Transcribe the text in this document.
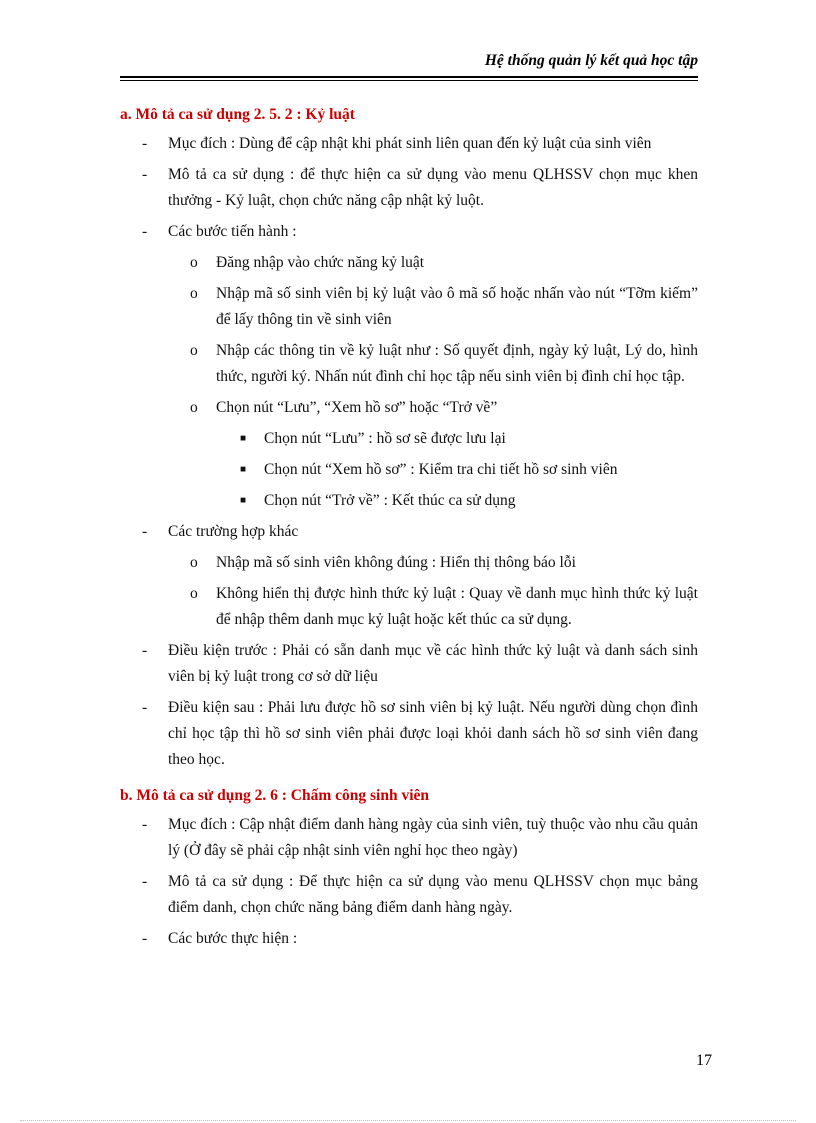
Hệ thống quản lý kết quả học tập
a. Mô tả ca sử dụng 2. 5. 2 : Kỷ luật
- Mục đích : Dùng để cập nhật khi phát sinh liên quan đến kỷ luật của sinh viên
- Mô tả ca sử dụng : để thực hiện ca sử dụng vào menu QLHSSV chọn mục khen thưởng - Kỷ luật, chọn chức năng cập nhật kỷ luột.
- Các bước tiến hành :
o Đăng nhập vào chức năng kỷ luật
o Nhập mã số sinh viên bị kỷ luật vào ô mã số hoặc nhấn vào nút “Tỡm kiếm” để lấy thông tin về sinh viên
o Nhập các thông tin về kỷ luật như : Số quyết định, ngày kỷ luật, Lý do, hình thức, người ký. Nhấn nút đình chỉ học tập nếu sinh viên bị đình chỉ học tập.
o Chọn nút “Lưu”, “Xem hồ sơ” hoặc “Trở về”
■ Chọn nút “Lưu” : hồ sơ sẽ được lưu lại
■ Chọn nút “Xem hồ sơ” : Kiểm tra chi tiết hồ sơ sinh viên
■ Chọn nút “Trở về” : Kết thúc ca sử dụng
- Các trường hợp khác
o Nhập mã số sinh viên không đúng : Hiển thị thông báo lỗi
o Không hiển thị được hình thức kỷ luật : Quay về danh mục hình thức kỷ luật để nhập thêm danh mục kỷ luật hoặc kết thúc ca sử dụng.
- Điều kiện trước : Phải có sẵn danh mục về các hình thức kỷ luật và danh sách sinh viên bị kỷ luật trong cơ sở dữ liệu
- Điều kiện sau : Phải lưu được hồ sơ sinh viên bị kỷ luật. Nếu người dùng chọn đình chỉ học tập thì hồ sơ sinh viên phải được loại khỏi danh sách hồ sơ sinh viên đang theo học.
b. Mô tả ca sử dụng 2. 6 : Chấm công sinh viên
- Mục đích : Cập nhật điểm danh hàng ngày của sinh viên, tuỳ thuộc vào nhu cầu quản lý (Ở đây sẽ phải cập nhật sinh viên nghỉ học theo ngày)
- Mô tả ca sử dụng : Để thực hiện ca sử dụng vào menu QLHSSV chọn mục bảng điểm danh, chọn chức năng bảng điểm danh hàng ngày.
- Các bước thực hiện :
17
